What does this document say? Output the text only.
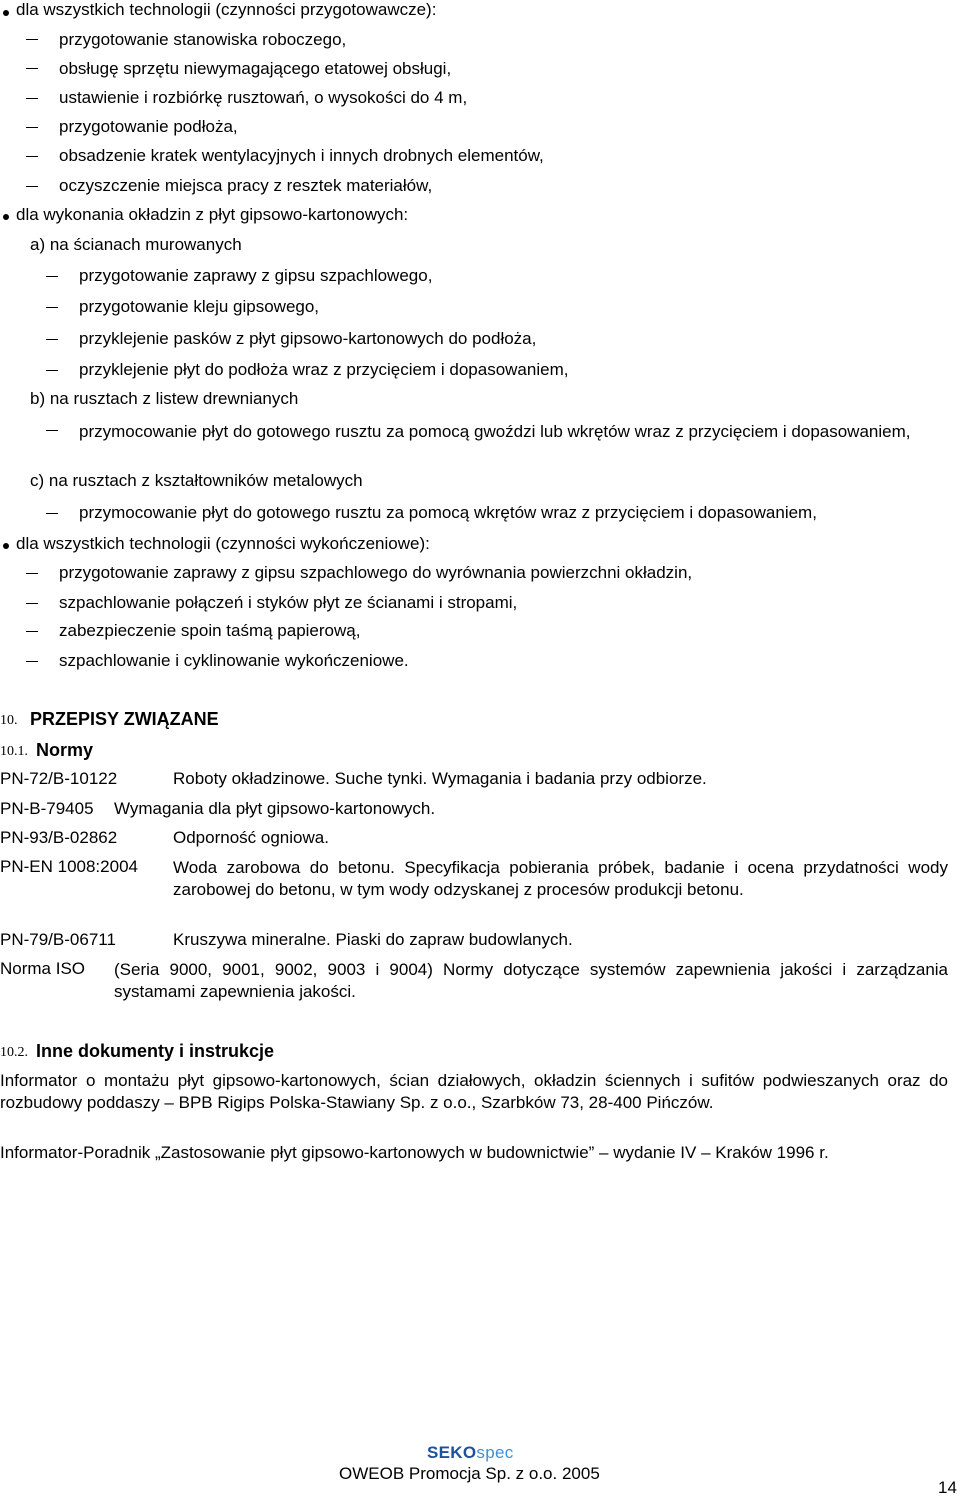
dla wszystkich technologii (czynności przygotowawcze):
przygotowanie stanowiska roboczego,
obsługę sprzętu niewymagającego etatowej obsługi,
ustawienie i rozbiórkę rusztowań, o wysokości do 4 m,
przygotowanie podłoża,
obsadzenie kratek wentylacyjnych i innych drobnych elementów,
oczyszczenie miejsca pracy z resztek materiałów,
dla wykonania okładzin z płyt gipsowo-kartonowych:
a) na ścianach murowanych
przygotowanie zaprawy z gipsu szpachlowego,
przygotowanie kleju gipsowego,
przyklejenie pasków z płyt gipsowo-kartonowych do podłoża,
przyklejenie płyt do podłoża wraz z przycięciem i dopasowaniem,
b) na rusztach z listew drewnianych
przymocowanie płyt do gotowego rusztu za pomocą gwoździ lub wkrętów wraz z przycięciem i dopasowaniem,
c) na rusztach z kształtowników metalowych
przymocowanie płyt do gotowego rusztu za pomocą wkrętów wraz z przycięciem i dopasowaniem,
dla wszystkich technologii (czynności wykończeniowe):
przygotowanie zaprawy z gipsu szpachlowego do wyrównania powierzchni okładzin,
szpachlowanie połączeń i styków płyt ze ścianami i stropami,
zabezpieczenie spoin taśmą papierową,
szpachlowanie i cyklinowanie wykończeniowe.
10. PRZEPISY ZWIĄZANE
10.1. Normy
PN-72/B-10122	Roboty okładzinowe. Suche tynki. Wymagania i badania przy odbiorze.
PN-B-79405 Wymagania dla płyt gipsowo-kartonowych.
PN-93/B-02862	Odporność ogniowa.
PN-EN 1008:2004 Woda zarobowa do betonu. Specyfikacja pobierania próbek, badanie i ocena przydatności wody zarobowej do betonu, w tym wody odzyskanej z procesów produkcji betonu.
PN-79/B-06711	Kruszywa mineralne. Piaski do zapraw budowlanych.
Norma ISO (Seria 9000, 9001, 9002, 9003 i 9004) Normy dotyczące systemów zapewnienia jakości i zarządzania systamami zapewnienia jakości.
10.2. Inne dokumenty i instrukcje
Informator o montażu płyt gipsowo-kartonowych, ścian działowych, okładzin ściennych i sufitów podwieszanych oraz do rozbudowy poddaszy – BPB Rigips Polska-Stawiany Sp. z o.o., Szarbków 73, 28-400 Pińczów.
Informator-Poradnik „Zastosowanie płyt gipsowo-kartonowych w budownictwie” – wydanie IV – Kraków 1996 r.
SEKOspec
OWEOB Promocja Sp. z o.o. 2005
14
